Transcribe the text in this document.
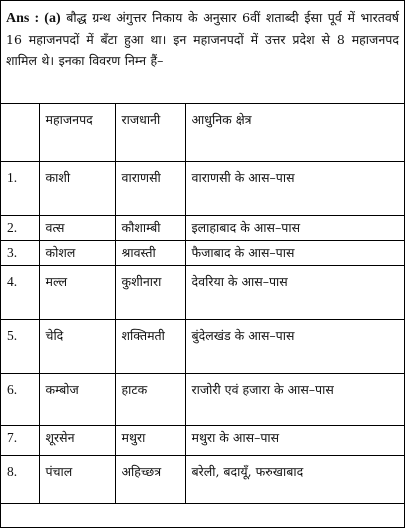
Ans : (a) बौद्ध ग्रन्थ अंगुत्तर निकाय के अनुसार 6वीं शताब्दी ईसा पूर्व में भारतवर्ष 16 महाजनपदों में बँटा हुआ था। इन महाजनपदों में उत्तर प्रदेश से 8 महाजनपद शामिल थे। इनका विवरण निम्न हैं–
	महाजनपद	राजधानी	आधुनिक क्षेत्र
1.	काशी	वाराणसी	वाराणसी के आस–पास
2.	वत्स	कौशाम्बी	इलाहाबाद के आस–पास
3.	कोशल	श्रावस्ती	फैजाबाद के आस–पास
4.	मल्ल	कुशीनारा	देवरिया के आस–पास
5.	चेदि	शक्तिमती	बुंदेलखंड के आस–पास
6.	कम्बोज	हाटक	राजोरी एवं हजारा के आस–पास
7.	शूरसेन	मथुरा	मथुरा के आस–पास
8.	पंचाल	अहिच्छत्र	बरेली, बदायूँ, फरुखाबाद
